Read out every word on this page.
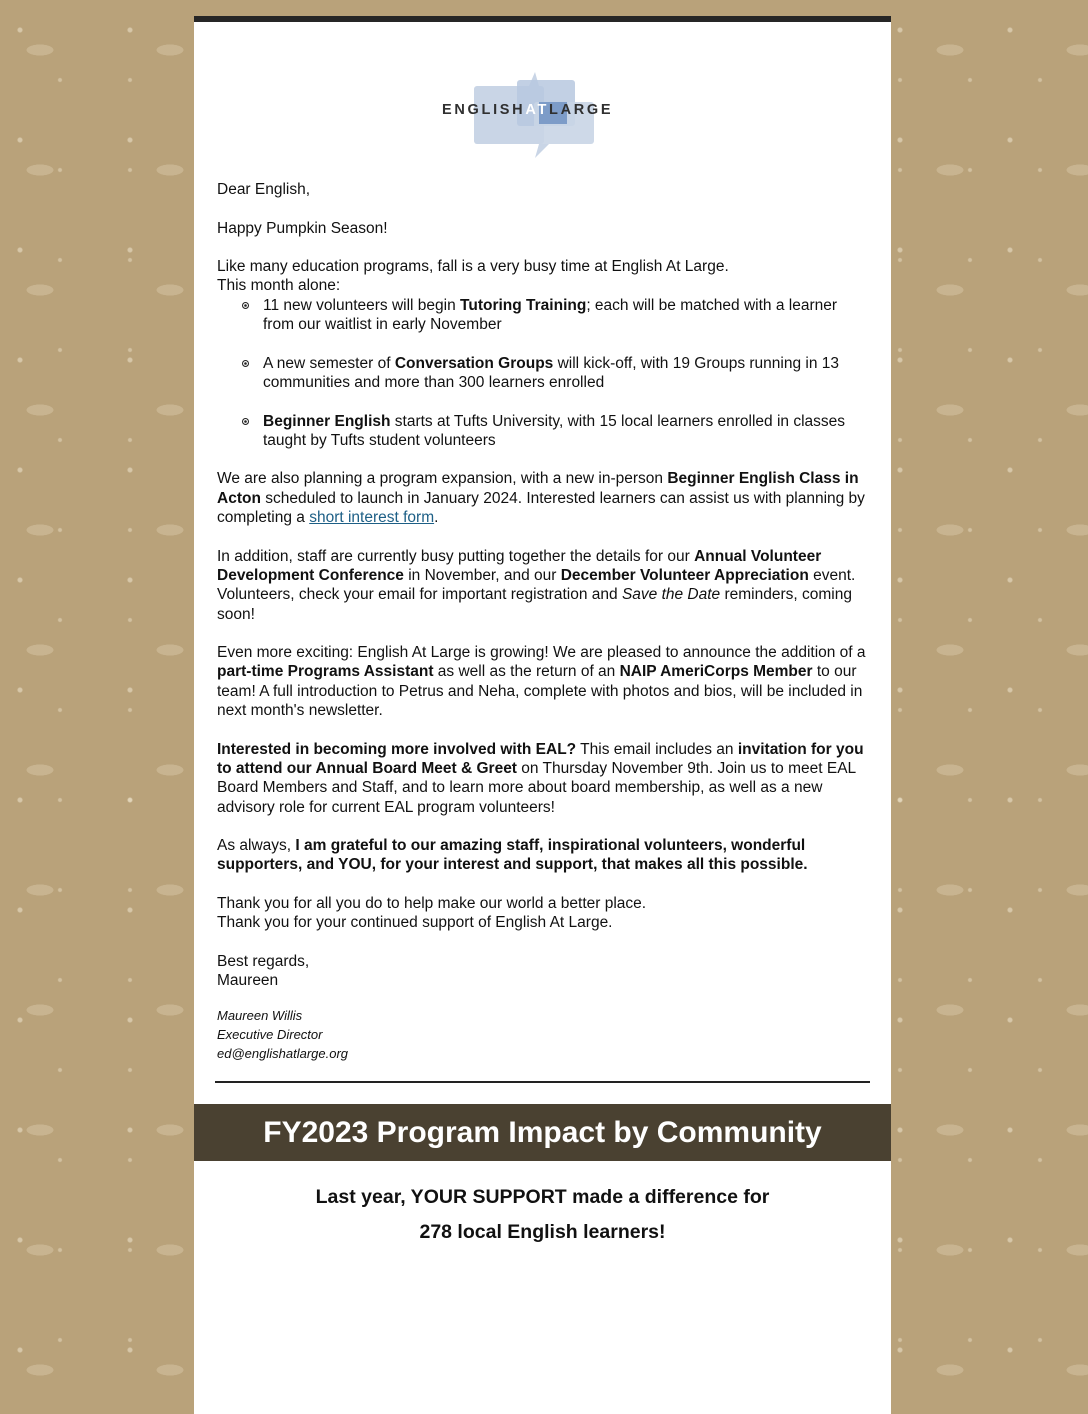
ENGLISHATLARGE

Dear English,

Happy Pumpkin Season!

Like many education programs, fall is a very busy time at English At Large.
This month alone:
11 new volunteers will begin Tutoring Training; each will be matched with a learner from our waitlist in early November
A new semester of Conversation Groups will kick-off, with 19 Groups running in 13 communities and more than 300 learners enrolled
Beginner English starts at Tufts University, with 15 local learners enrolled in classes taught by Tufts student volunteers

We are also planning a program expansion, with a new in-person Beginner English Class in Acton scheduled to launch in January 2024. Interested learners can assist us with planning by completing a short interest form.

In addition, staff are currently busy putting together the details for our Annual Volunteer Development Conference in November, and our December Volunteer Appreciation event. Volunteers, check your email for important registration and Save the Date reminders, coming soon!

Even more exciting: English At Large is growing! We are pleased to announce the addition of a part-time Programs Assistant as well as the return of an NAIP AmeriCorps Member to our team! A full introduction to Petrus and Neha, complete with photos and bios, will be included in next month's newsletter.

Interested in becoming more involved with EAL? This email includes an invitation for you to attend our Annual Board Meet & Greet on Thursday November 9th. Join us to meet EAL Board Members and Staff, and to learn more about board membership, as well as a new advisory role for current EAL program volunteers!

As always, I am grateful to our amazing staff, inspirational volunteers, wonderful supporters, and YOU, for your interest and support, that makes all this possible.

Thank you for all you do to help make our world a better place.
Thank you for your continued support of English At Large.

Best regards,
Maureen

Maureen Willis
Executive Director
ed@englishatlarge.org
FY2023 Program Impact by Community
Last year, YOUR SUPPORT made a difference for
278 local English learners!
